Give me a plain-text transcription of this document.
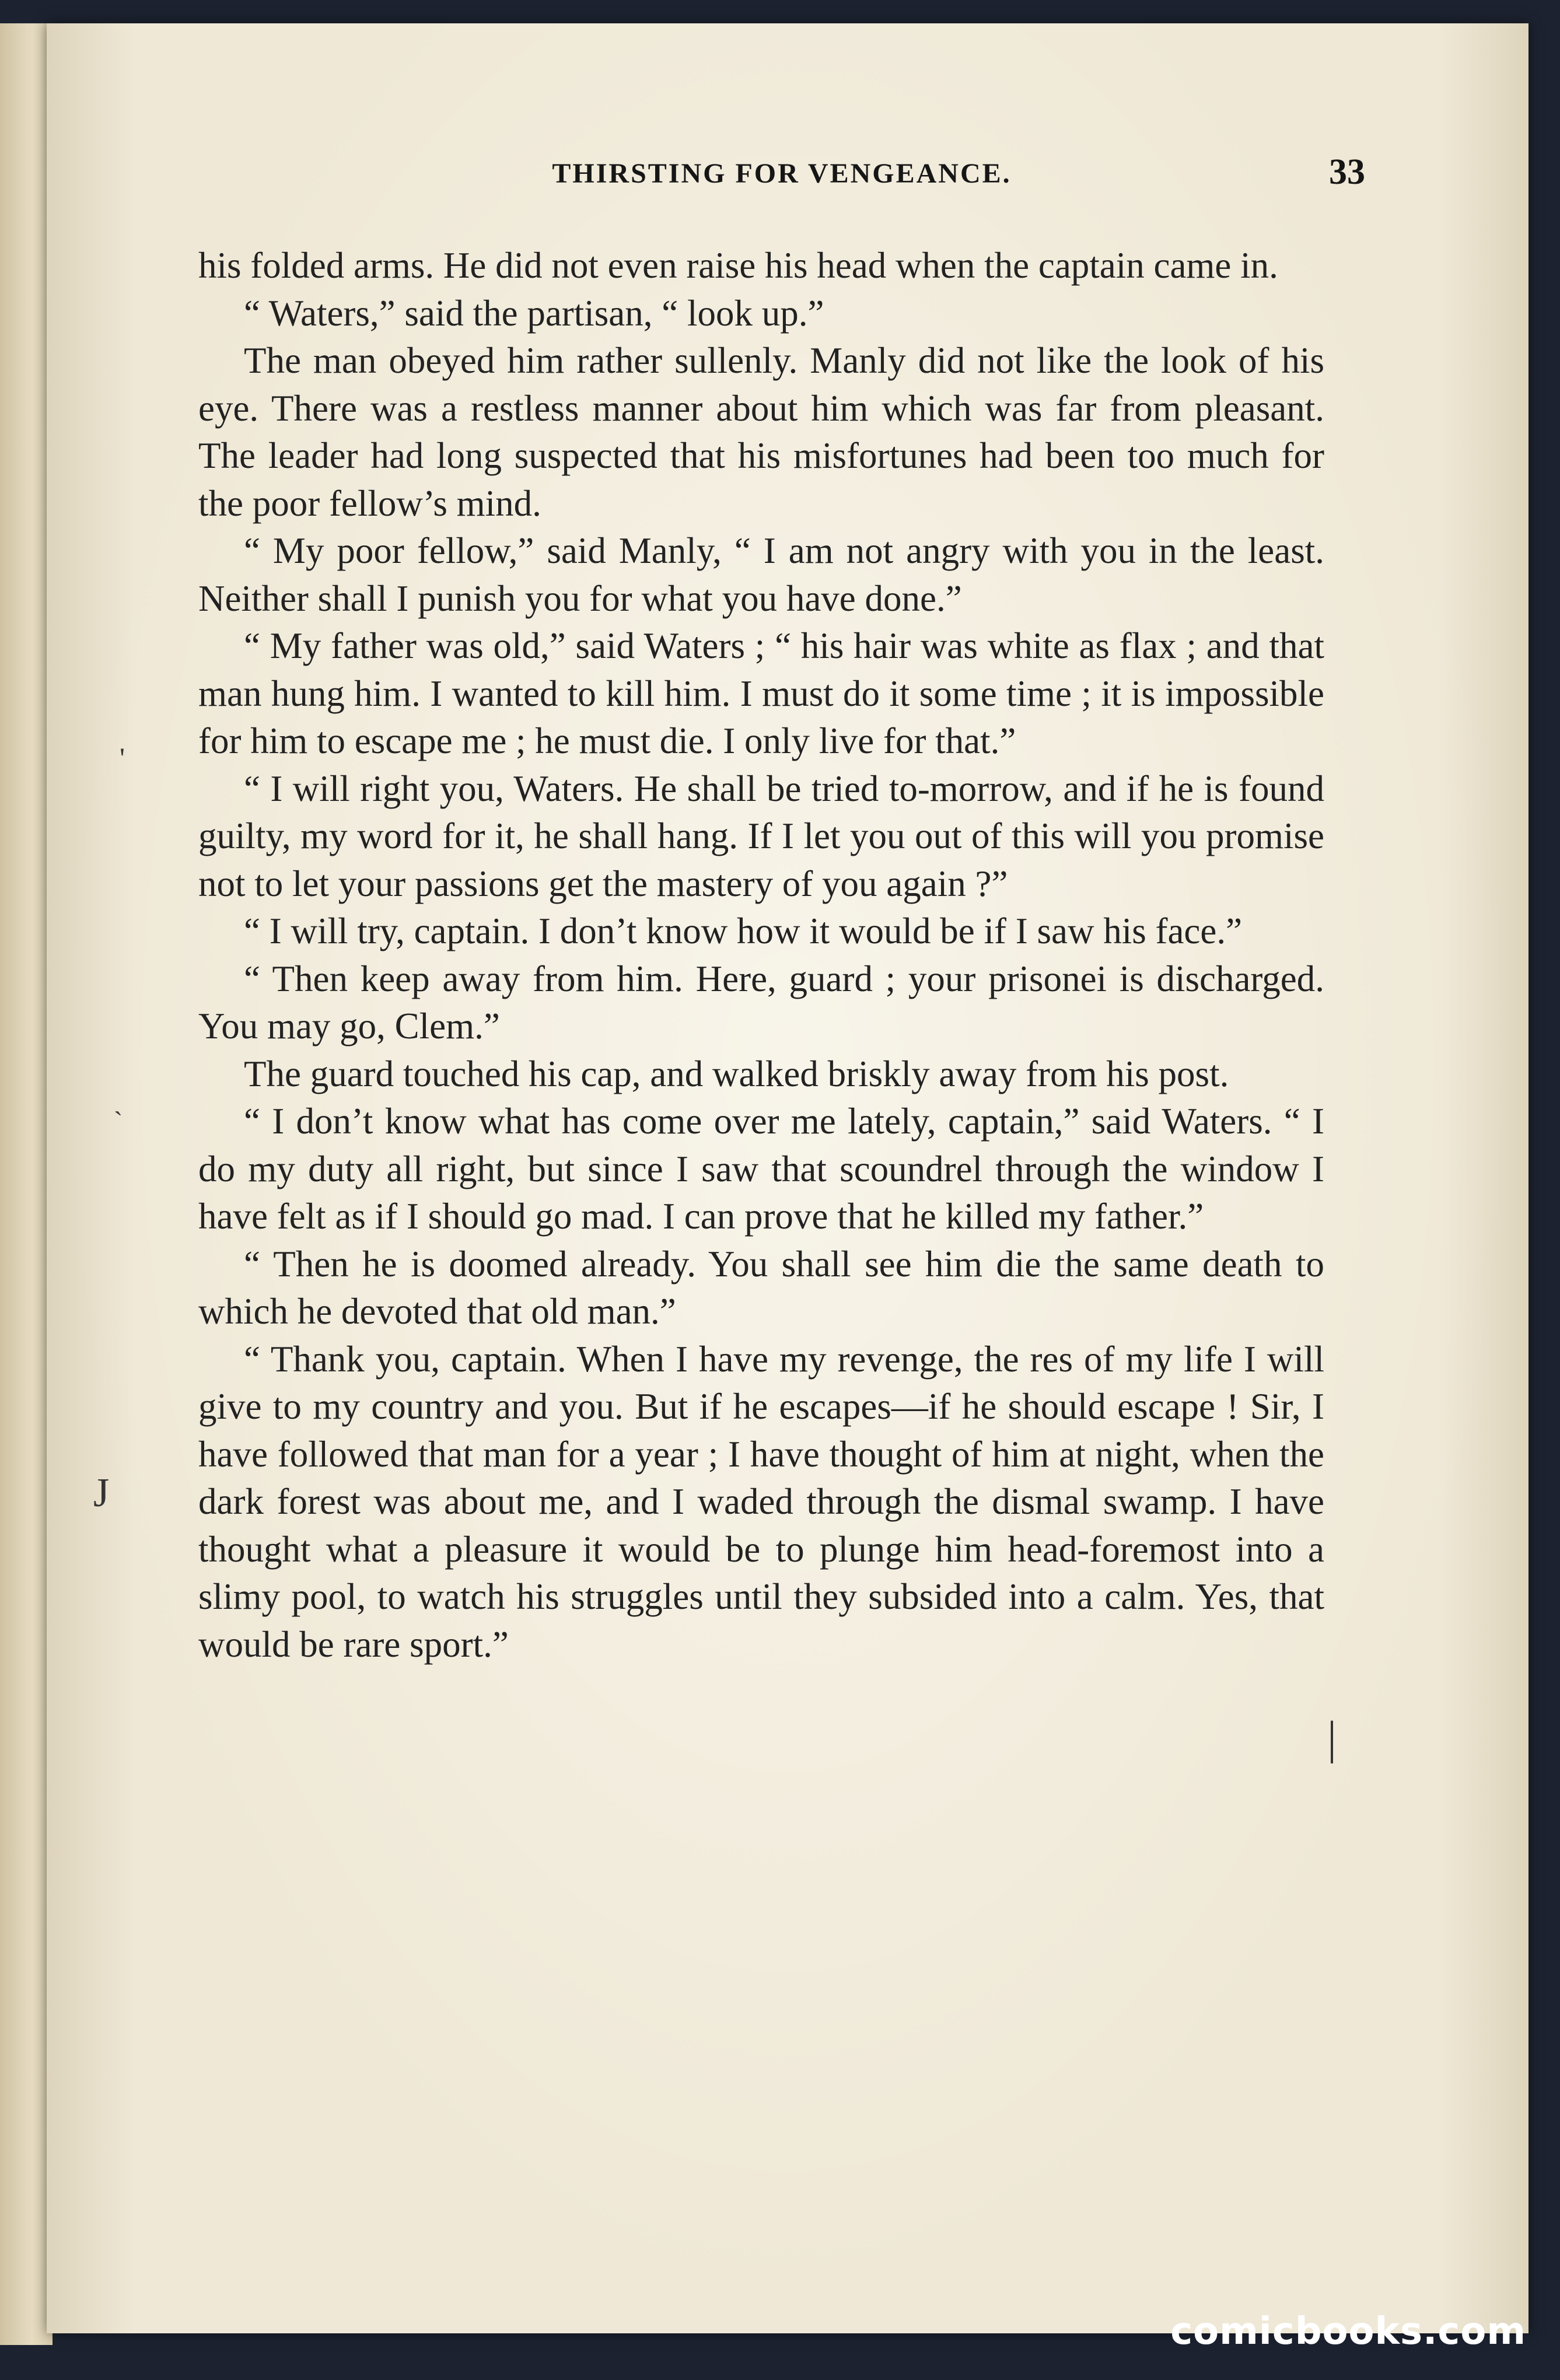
THIRSTING FOR VENGEANCE.	33

his folded arms. He did not even raise his head when the captain came in.

“ Waters,” said the partisan, “ look up.”

The man obeyed him rather sullenly. Manly did not like the look of his eye. There was a restless manner about him which was far from pleasant. The leader had long suspected that his misfortunes had been too much for the poor fellow’s mind.

“ My poor fellow,” said Manly, “ I am not angry with you in the least. Neither shall I punish you for what you have done.”

“ My father was old,” said Waters ; “ his hair was white as flax ; and that man hung him. I wanted to kill him. I must do it some time ; it is impossible for him to escape me ; he must die. I only live for that.”

“ I will right you, Waters. He shall be tried to-morrow, and if he is found guilty, my word for it, he shall hang. If I let you out of this will you promise not to let your passions get the mastery of you again ?”

“ I will try, captain. I don’t know how it would be if I saw his face.”

“ Then keep away from him. Here, guard ; your prisonei is discharged. You may go, Clem.”

The guard touched his cap, and walked briskly away from his post.

“ I don’t know what has come over me lately, captain,” said Waters. “ I do my duty all right, but since I saw that scoundrel through the window I have felt as if I should go mad. I can prove that he killed my father.”

“ Then he is doomed already. You shall see him die the same death to which he devoted that old man.”

“ Thank you, captain. When I have my revenge, the res of my life I will give to my country and you. But if he escapes—if he should escape ! Sir, I have followed that man for a year ; I have thought of him at night, when the dark forest was about me, and I waded through the dismal swamp. I have thought what a pleasure it would be to plunge him head-foremost into a slimy pool, to watch his struggles until they subsided into a calm. Yes, that would be rare sport.”

'
`
J
|
comicbooks.com
